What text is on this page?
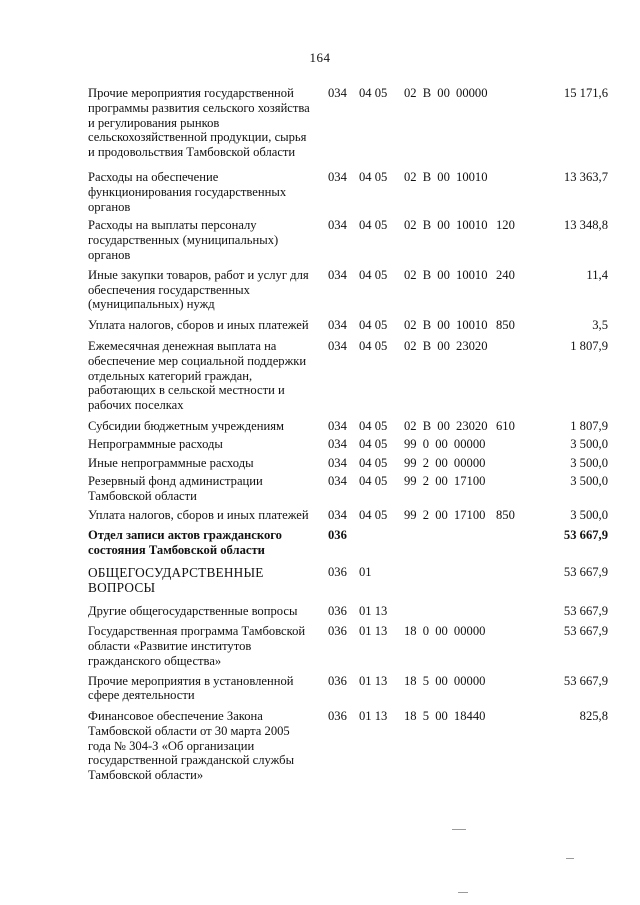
164
Прочие мероприятия государственной программы развития сельского хозяйства и регулирования рынков сельскохозяйственной продукции, сырья и продовольствия Тамбовской области
034 04 05 02 В 00 00000	15 171,6
Расходы на обеспечение функционирования государственных органов
034 04 05 02 В 00 10010	13 363,7
Расходы на выплаты персоналу государственных (муниципальных) органов
034 04 05 02 В 00 10010 120	13 348,8
Иные закупки товаров, работ и услуг для обеспечения государственных (муниципальных) нужд
034 04 05 02 В 00 10010 240	11,4
Уплата налогов, сборов и иных платежей 034 04 05 02 В 00 10010 850	3,5
Ежемесячная денежная выплата на обеспечение мер социальной поддержки отдельных категорий граждан, работающих в сельской местности и рабочих поселках
034 04 05 02 В 00 23020	1 807,9
Субсидии бюджетным учреждениям	034 04 05 02 В 00 23020 610	1 807,9
Непрограммные расходы	034 04 05 99 0 00 00000	3 500,0
Иные непрограммные расходы	034 04 05 99 2 00 00000	3 500,0
Резервный фонд администрации Тамбовской области
034 04 05 99 2 00 17100	3 500,0
Уплата налогов, сборов и иных платежей 034 04 05 99 2 00 17100 850	3 500,0
Отдел записи актов гражданского состояния Тамбовской области
036	53 667,9
ОБЩЕГОСУДАРСТВЕННЫЕ ВОПРОСЫ
036 01	53 667,9
Другие общегосударственные вопросы	036 01 13	53 667,9
Государственная программа Тамбовской области «Развитие институтов гражданского общества»
036 01 13 18 0 00 00000	53 667,9
Прочие мероприятия в установленной сфере деятельности
036 01 13 18 5 00 00000	53 667,9
Финансовое обеспечение Закона Тамбовской области от 30 марта 2005 года № 304-З «Об организации государственной гражданской службы Тамбовской области»
036 01 13 18 5 00 18440	825,8
